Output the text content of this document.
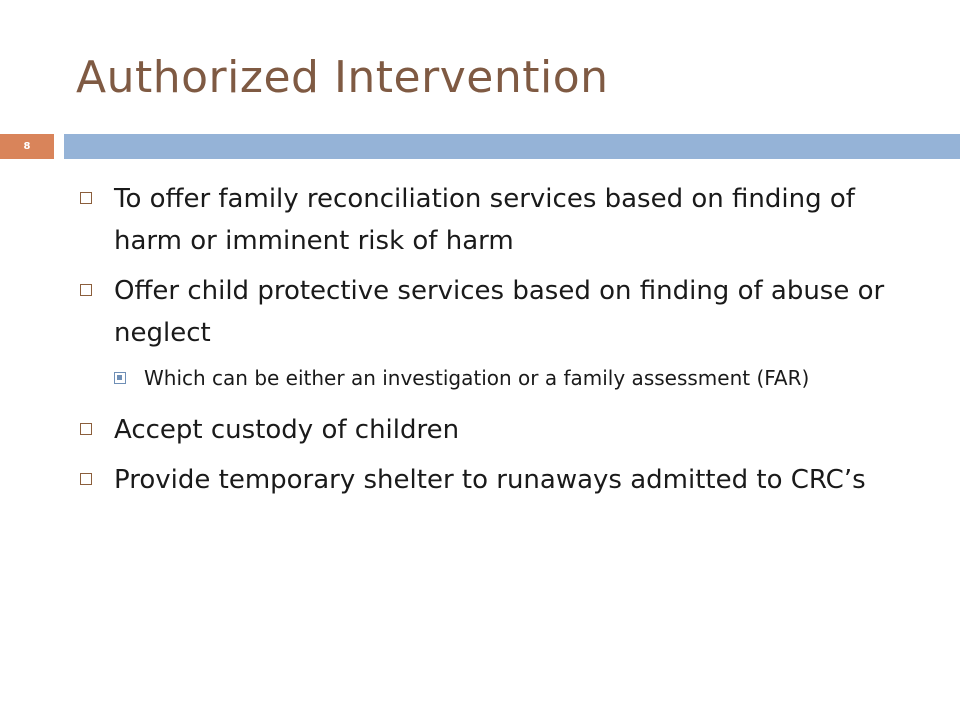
Authorized Intervention
8
To offer family reconciliation services based on finding of harm or imminent risk of harm
Offer child protective services based on finding of abuse or neglect
Which can be either an investigation or a family assessment (FAR)
Accept custody of children
Provide temporary shelter to runaways admitted to CRC’s
